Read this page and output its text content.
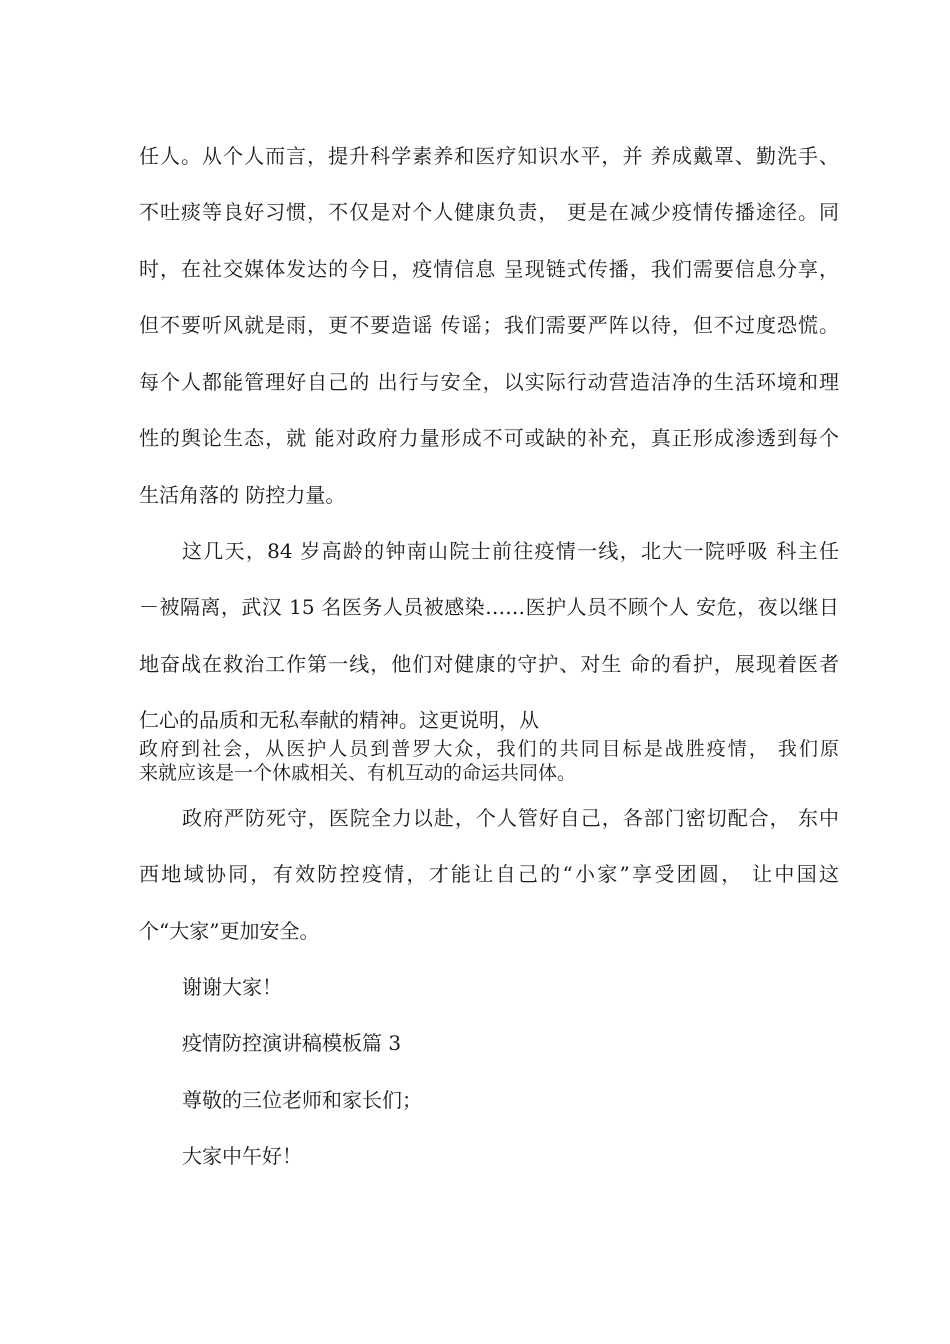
任人。从个人而言，提升科学素养和医疗知识水平，并 养成戴罩、勤洗手、
不吐痰等良好习惯，不仅是对个人健康负责， 更是在减少疫情传播途径。同
时，在社交媒体发达的今日，疫情信息 呈现链式传播，我们需要信息分享，
但不要听风就是雨，更不要造谣 传谣；我们需要严阵以待，但不过度恐慌。
每个人都能管理好自己的 出行与安全，以实际行动营造洁净的生活环境和理
性的舆论生态，就 能对政府力量形成不可或缺的补充，真正形成渗透到每个
生活角落的 防控力量。
这几天，84 岁高龄的钟南山院士前往疫情一线，北大一院呼吸 科主任
－被隔离，武汉 15 名医务人员被感染……医护人员不顾个人 安危，夜以继日
地奋战在救治工作第一线，他们对健康的守护、对生 命的看护，展现着医者
仁心的品质和无私奉献的精神。这更说明，从
政府到社会，从医护人员到普罗大众，我们的共同目标是战胜疫情， 我们原
来就应该是一个休戚相关、有机互动的命运共同体。
政府严防死守，医院全力以赴，个人管好自己，各部门密切配合， 东中
西地域协同，有效防控疫情，才能让自己的“小家”享受团圆， 让中国这
个“大家”更加安全。
谢谢大家！
疫情防控演讲稿模板篇 3
尊敬的三位老师和家长们；
大家中午好！
